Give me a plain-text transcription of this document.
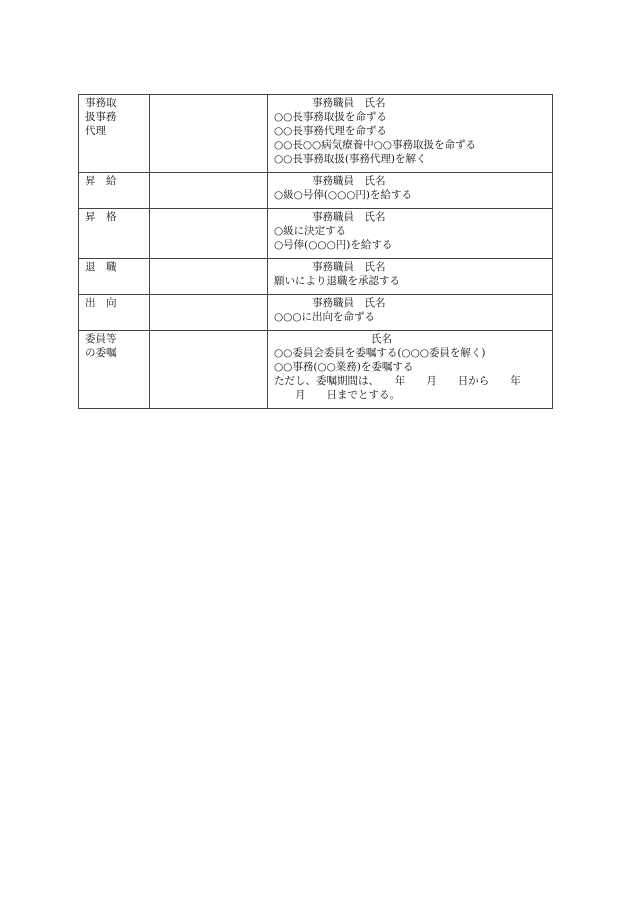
事務取
扱事務
代理		事務職員　氏名
○○長事務取扱を命ずる
○○長事務代理を命ずる
○○長○○病気療養中○○事務取扱を命ずる
○○長事務取扱(事務代理)を解く

昇　給		事務職員　氏名
○級○号俸(○○○円)を給する

昇　格		事務職員　氏名
○級に決定する
○号俸(○○○円)を給する

退　職		事務職員　氏名
願いにより退職を承認する

出　向		事務職員　氏名
○○○に出向を命ずる

委員等
の委嘱		氏名
○○委員会委員を委嘱する(○○○委員を解く)
○○事務(○○業務)を委嘱する
ただし、委嘱期間は、　　年　　月　　日から　　年
　　月　　日までとする。
